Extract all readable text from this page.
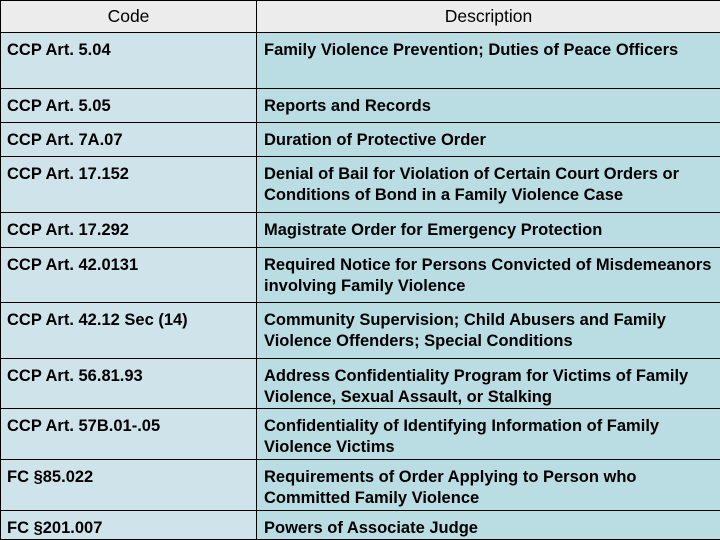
Code	Description
CCP Art. 5.04	Family Violence Prevention; Duties of Peace Officers
CCP Art. 5.05	Reports and Records
CCP Art. 7A.07	Duration of Protective Order
CCP Art. 17.152	Denial of Bail for Violation of Certain Court Orders or Conditions of Bond in a Family Violence Case
CCP Art. 17.292	Magistrate Order for Emergency Protection
CCP Art. 42.0131	Required Notice for Persons Convicted of Misdemeanors involving Family Violence
CCP Art. 42.12 Sec (14)	Community Supervision; Child Abusers and Family Violence Offenders; Special Conditions
CCP Art. 56.81.93	Address Confidentiality Program for Victims of Family Violence, Sexual Assault, or Stalking
CCP Art. 57B.01-.05	Confidentiality of Identifying Information of Family Violence Victims
FC §85.022	Requirements of Order Applying to Person who Committed Family Violence
FC §201.007	Powers of Associate Judge
